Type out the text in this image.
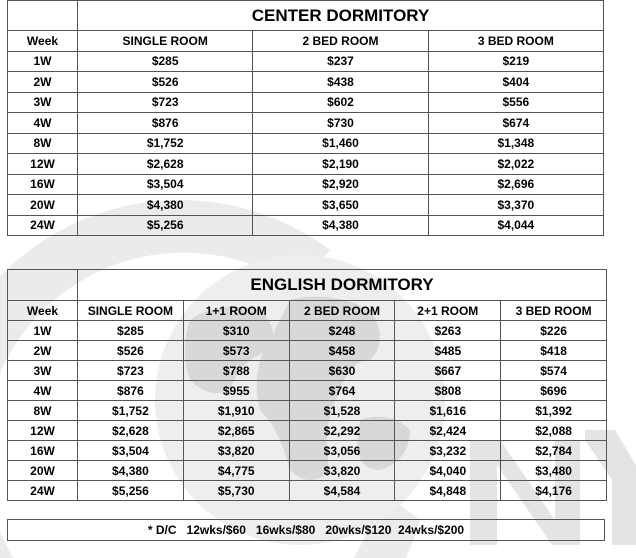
	CENTER DORMITORY		
Week	SINGLE ROOM	2 BED ROOM	3 BED ROOM
1W	$285	$237	$219
2W	$526	$438	$404
3W	$723	$602	$556
4W	$876	$730	$674
8W	$1,752	$1,460	$1,348
12W	$2,628	$2,190	$2,022
16W	$3,504	$2,920	$2,696
20W	$4,380	$3,650	$3,370
24W	$5,256	$4,380	$4,044
	ENGLISH DORMITORY				
Week	SINGLE ROOM	1+1 ROOM	2 BED ROOM	2+1 ROOM	3 BED ROOM
1W	$285	$310	$248	$263	$226
2W	$526	$573	$458	$485	$418
3W	$723	$788	$630	$667	$574
4W	$876	$955	$764	$808	$696
8W	$1,752	$1,910	$1,528	$1,616	$1,392
12W	$2,628	$2,865	$2,292	$2,424	$2,088
16W	$3,504	$3,820	$3,056	$3,232	$2,784
20W	$4,380	$4,775	$3,820	$4,040	$3,480
24W	$5,256	$5,730	$4,584	$4,848	$4,176
* D/C   12wks/$60   16wks/$80   20wks/$120  24wks/$200
